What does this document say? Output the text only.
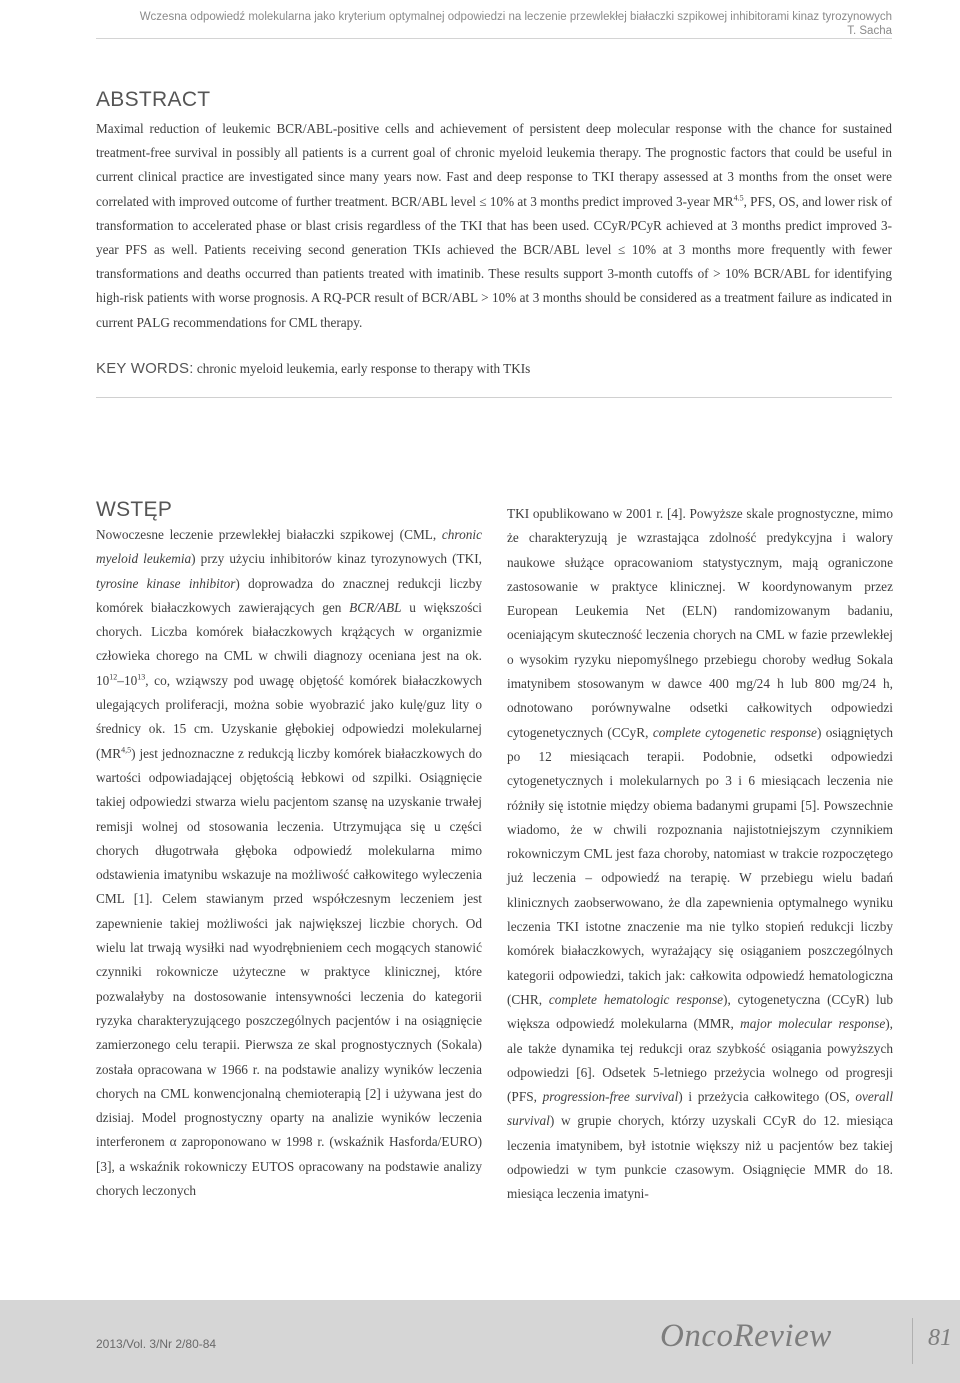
Wczesna odpowiedź molekularna jako kryterium optymalnej odpowiedzi na leczenie przewlekłej białaczki szpikowej inhibitorami kinaz tyrozynowych
T. Sacha
ABSTRACT

Maximal reduction of leukemic BCR/ABL-positive cells and achievement of persistent deep molecular response with the chance for sustained treatment-free survival in possibly all patients is a current goal of chronic myeloid leukemia therapy. The prognostic factors that could be useful in current clinical practice are investigated since many years now. Fast and deep response to TKI therapy assessed at 3 months from the onset were correlated with improved outcome of further treatment. BCR/ABL level ≤ 10% at 3 months predict improved 3-year $MR^{4.5}$, PFS, OS, and lower risk of transformation to accelerated phase or blast crisis regardless of the TKI that has been used. CCyR/PCyR achieved at 3 months predict improved 3-year PFS as well. Patients receiving second generation TKIs achieved the BCR/ABL level ≤ 10% at 3 months more frequently with fewer transformations and deaths occurred than patients treated with imatinib. These results support 3-month cutoffs of > 10% BCR/ABL for identifying high-risk patients with worse prognosis. A RQ-PCR result of BCR/ABL > 10% at 3 months should be considered as a treatment failure as indicated in current PALG recommendations for CML therapy.

KEY WORDS: chronic myeloid leukemia, early response to therapy with TKIs

WSTĘP

Nowoczesne leczenie przewlekłej białaczki szpikowej (CML, chronic myeloid leukemia) przy użyciu inhibitorów kinaz tyrozynowych (TKI, tyrosine kinase inhibitor) doprowadza do znacznej redukcji liczby komórek białaczkowych zawierających gen BCR/ABL u większości chorych. Liczba komórek białaczkowych krążących w organizmie człowieka chorego na CML w chwili diagnozy oceniana jest na ok. $10^{12}-10^{13}$, co, wziąwszy pod uwagę objętość komórek białaczkowych ulegających proliferacji, można sobie wyobrazić jako kulę/guz lity o średnicy ok. 15 cm. Uzyskanie głębokiej odpowiedzi molekularnej (MR$^{4,5}$) jest jednoznaczne z redukcją liczby komórek białaczkowych do wartości odpowiadającej objętością łebkowi od szpilki. Osiągnięcie takiej odpowiedzi stwarza wielu pacjentom szansę na uzyskanie trwałej remisji wolnej od stosowania leczenia. Utrzymująca się u części chorych długotrwała głęboka odpowiedź molekularna mimo odstawienia imatynibu wskazuje na możliwość całkowitego wyleczenia CML [1]. Celem stawianym przed współczesnym leczeniem jest zapewnienie takiej możliwości jak największej liczbie chorych. Od wielu lat trwają wysiłki nad wyodrębnieniem cech mogących stanowić czynniki rokownicze użyteczne w praktyce klinicznej, które pozwalałyby na dostosowanie intensywności leczenia do kategorii ryzyka charakteryzującego poszczególnych pacjentów i na osiągnięcie zamierzonego celu terapii. Pierwsza ze skal prognostycznych (Sokala) została opracowana w 1966 r. na podstawie analizy wyników leczenia chorych na CML konwencjonalną chemioterapią [2] i używana jest do dzisiaj. Model prognostyczny oparty na analizie wyników leczenia interferonem α zaproponowano w 1998 r. (wskaźnik Hasforda/EURO) [3], a wskaźnik rokowniczy EUTOS opracowany na podstawie analizy chorych leczonych

TKI opublikowano w 2001 r. [4]. Powyższe skale prognostyczne, mimo że charakteryzują je wzrastająca zdolność predykcyjna i walory naukowe służące opracowaniom statystycznym, mają ograniczone zastosowanie w praktyce klinicznej. W koordynowanym przez European Leukemia Net (ELN) randomizowanym badaniu, oceniającym skuteczność leczenia chorych na CML w fazie przewlekłej o wysokim ryzyku niepomyślnego przebiegu choroby według Sokala imatynibem stosowanym w dawce 400 mg/24 h lub 800 mg/24 h, odnotowano porównywalne odsetki całkowitych odpowiedzi cytogenetycznych (CCyR, complete cytogenetic response) osiągniętych po 12 miesiącach terapii. Podobnie, odsetki odpowiedzi cytogenetycznych i molekularnych po 3 i 6 miesiącach leczenia nie różniły się istotnie między obiema badanymi grupami [5]. Powszechnie wiadomo, że w chwili rozpoznania najistotniejszym czynnikiem rokowniczym CML jest faza choroby, natomiast w trakcie rozpoczętego już leczenia – odpowiedź na terapię. W przebiegu wielu badań klinicznych zaobserwowano, że dla zapewnienia optymalnego wyniku leczenia TKI istotne znaczenie ma nie tylko stopień redukcji liczby komórek białaczkowych, wyrażający się osiąganiem poszczególnych kategorii odpowiedzi, takich jak: całkowita odpowiedź hematologiczna (CHR, complete hematologic response), cytogenetyczna (CCyR) lub większa odpowiedź molekularna (MMR, major molecular response), ale także dynamika tej redukcji oraz szybkość osiągania powyższych odpowiedzi [6]. Odsetek 5-letniego przeżycia wolnego od progresji (PFS, progression-free survival) i przeżycia całkowitego (OS, overall survival) w grupie chorych, którzy uzyskali CCyR do 12. miesiąca leczenia imatynibem, był istotnie większy niż u pacjentów bez takiej odpowiedzi w tym punkcie czasowym. Osiągnięcie MMR do 18. miesiąca leczenia imatyni-

2013/Vol. 3/Nr 2/80-84	OncoReview	81
